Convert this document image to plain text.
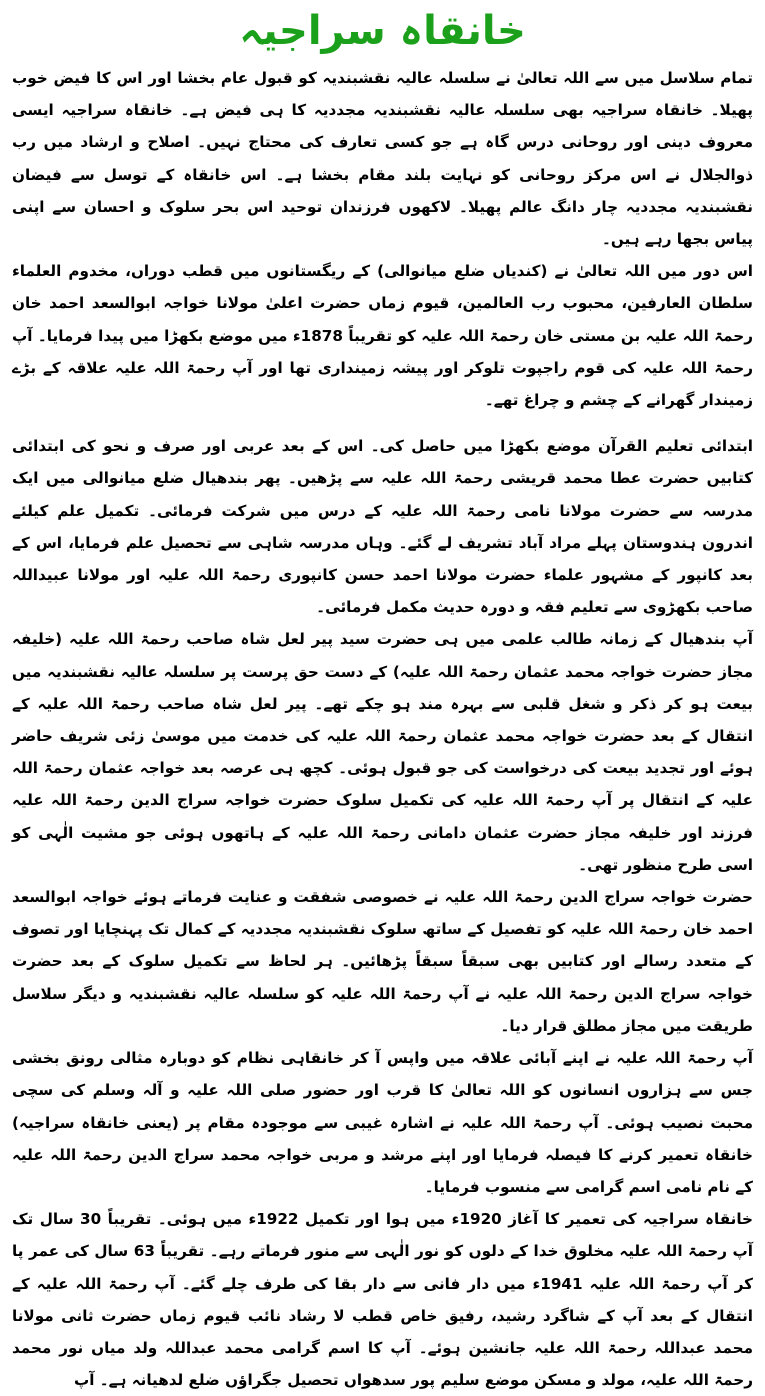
خانقاہ سراجیہ

تمام سلاسل میں سے اللہ تعالیٰ نے سلسلہ عالیہ نقشبندیہ کو قبول عام بخشا اور اس کا فیض خوب پھیلا۔ خانقاہ سراجیہ بھی سلسلہ عالیہ نقشبندیہ مجددیہ کا ہی فیض ہے۔ خانقاہ سراجیہ ایسی معروف دینی اور روحانی درس گاہ ہے جو کسی تعارف کی محتاج نہیں۔ اصلاح و ارشاد میں رب ذوالجلال نے اس مرکز روحانی کو نہایت بلند مقام بخشا ہے۔ اس خانقاہ کے توسل سے فیضان نقشبندیہ مجددیہ چار دانگ عالم پھیلا۔ لاکھوں فرزندان توحید اس بحر سلوک و احسان سے اپنی پیاس بجھا رہے ہیں۔

اس دور میں اللہ تعالیٰ نے (کندیاں ضلع میانوالی) کے ریگستانوں میں قطب دوراں، مخدوم العلماء سلطان العارفین، محبوب رب العالمین، قیوم زماں حضرت اعلیٰ مولانا خواجہ ابوالسعد احمد خان رحمۃ اللہ علیہ بن مستی خان رحمۃ اللہ علیہ کو تقریباً 1878ء میں موضع بکھڑا میں پیدا فرمایا۔ آپ رحمۃ اللہ علیہ کی قوم راجپوت تلوکر اور پیشہ زمینداری تھا اور آپ رحمۃ اللہ علیہ علاقہ کے بڑے زمیندار گھرانے کے چشم و چراغ تھے۔

ابتدائی تعلیم القرآن موضع بکھڑا میں حاصل کی۔ اس کے بعد عربی اور صرف و نحو کی ابتدائی کتابیں حضرت عطا محمد قریشی رحمۃ اللہ علیہ سے پڑھیں۔ پھر بندھیال ضلع میانوالی میں ایک مدرسہ سے حضرت مولانا نامی رحمۃ اللہ علیہ کے درس میں شرکت فرمائی۔ تکمیل علم کیلئے اندرون ہندوستان پہلے مراد آباد تشریف لے گئے۔ وہاں مدرسہ شاہی سے تحصیل علم فرمایا، اس کے بعد کانپور کے مشہور علماء حضرت مولانا احمد حسن کانپوری رحمۃ اللہ علیہ اور مولانا عبیداللہ صاحب بکھڑوی سے تعلیم فقہ و دورہ حدیث مکمل فرمائی۔

آپ بندھیال کے زمانہ طالب علمی میں ہی حضرت سید پیر لعل شاہ صاحب رحمۃ اللہ علیہ (خلیفہ مجاز حضرت خواجہ محمد عثمان رحمۃ اللہ علیہ) کے دست حق پرست پر سلسلہ عالیہ نقشبندیہ میں بیعت ہو کر ذکر و شغل قلبی سے بہرہ مند ہو چکے تھے۔ پیر لعل شاہ صاحب رحمۃ اللہ علیہ کے انتقال کے بعد حضرت خواجہ محمد عثمان رحمۃ اللہ علیہ کی خدمت میں موسیٰ زئی شریف حاضر ہوئے اور تجدید بیعت کی درخواست کی جو قبول ہوئی۔ کچھ ہی عرصہ بعد خواجہ عثمان رحمۃ اللہ علیہ کے انتقال پر آپ رحمۃ اللہ علیہ کی تکمیل سلوک حضرت خواجہ سراج الدین رحمۃ اللہ علیہ فرزند اور خلیفہ مجاز حضرت عثمان دامانی رحمۃ اللہ علیہ کے ہاتھوں ہوئی جو مشیت الٰہی کو اسی طرح منظور تھی۔

حضرت خواجہ سراج الدین رحمۃ اللہ علیہ نے خصوصی شفقت و عنایت فرماتے ہوئے خواجہ ابوالسعد احمد خان رحمۃ اللہ علیہ کو تفصیل کے ساتھ سلوک نقشبندیہ مجددیہ کے کمال تک پہنچایا اور تصوف کے متعدد رسالے اور کتابیں بھی سبقاً سبقاً پڑھائیں۔ ہر لحاظ سے تکمیل سلوک کے بعد حضرت خواجہ سراج الدین رحمۃ اللہ علیہ نے آپ رحمۃ اللہ علیہ کو سلسلہ عالیہ نقشبندیہ و دیگر سلاسل طریقت میں مجاز مطلق قرار دیا۔

آپ رحمۃ اللہ علیہ نے اپنے آبائی علاقہ میں واپس آ کر خانقاہی نظام کو دوبارہ مثالی رونق بخشی جس سے ہزاروں انسانوں کو اللہ تعالیٰ کا قرب اور حضور صلی اللہ علیہ و آلہ وسلم کی سچی محبت نصیب ہوئی۔ آپ رحمۃ اللہ علیہ نے اشارہ غیبی سے موجودہ مقام پر (یعنی خانقاہ سراجیہ) خانقاہ تعمیر کرنے کا فیصلہ فرمایا اور اپنے مرشد و مربی خواجہ محمد سراج الدین رحمۃ اللہ علیہ کے نام نامی اسم گرامی سے منسوب فرمایا۔

خانقاہ سراجیہ کی تعمیر کا آغاز 1920ء میں ہوا اور تکمیل 1922ء میں ہوئی۔ تقریباً 30 سال تک آپ رحمۃ اللہ علیہ مخلوق خدا کے دلوں کو نور الٰہی سے منور فرماتے رہے۔ تقریباً 63 سال کی عمر پا کر آپ رحمۃ اللہ علیہ 1941ء میں دار فانی سے دار بقا کی طرف چلے گئے۔ آپ رحمۃ اللہ علیہ کے انتقال کے بعد آپ کے شاگرد رشید، رفیق خاص قطب لا رشاد نائب قیوم زماں حضرت ثانی مولانا محمد عبداللہ رحمۃ اللہ علیہ جانشین ہوئے۔ آپ کا اسم گرامی محمد عبداللہ ولد میاں نور محمد رحمۃ اللہ علیہ، مولد و مسکن موضع سلیم پور سدھواں تحصیل جگراؤں ضلع لدھیانہ ہے۔ آپ
